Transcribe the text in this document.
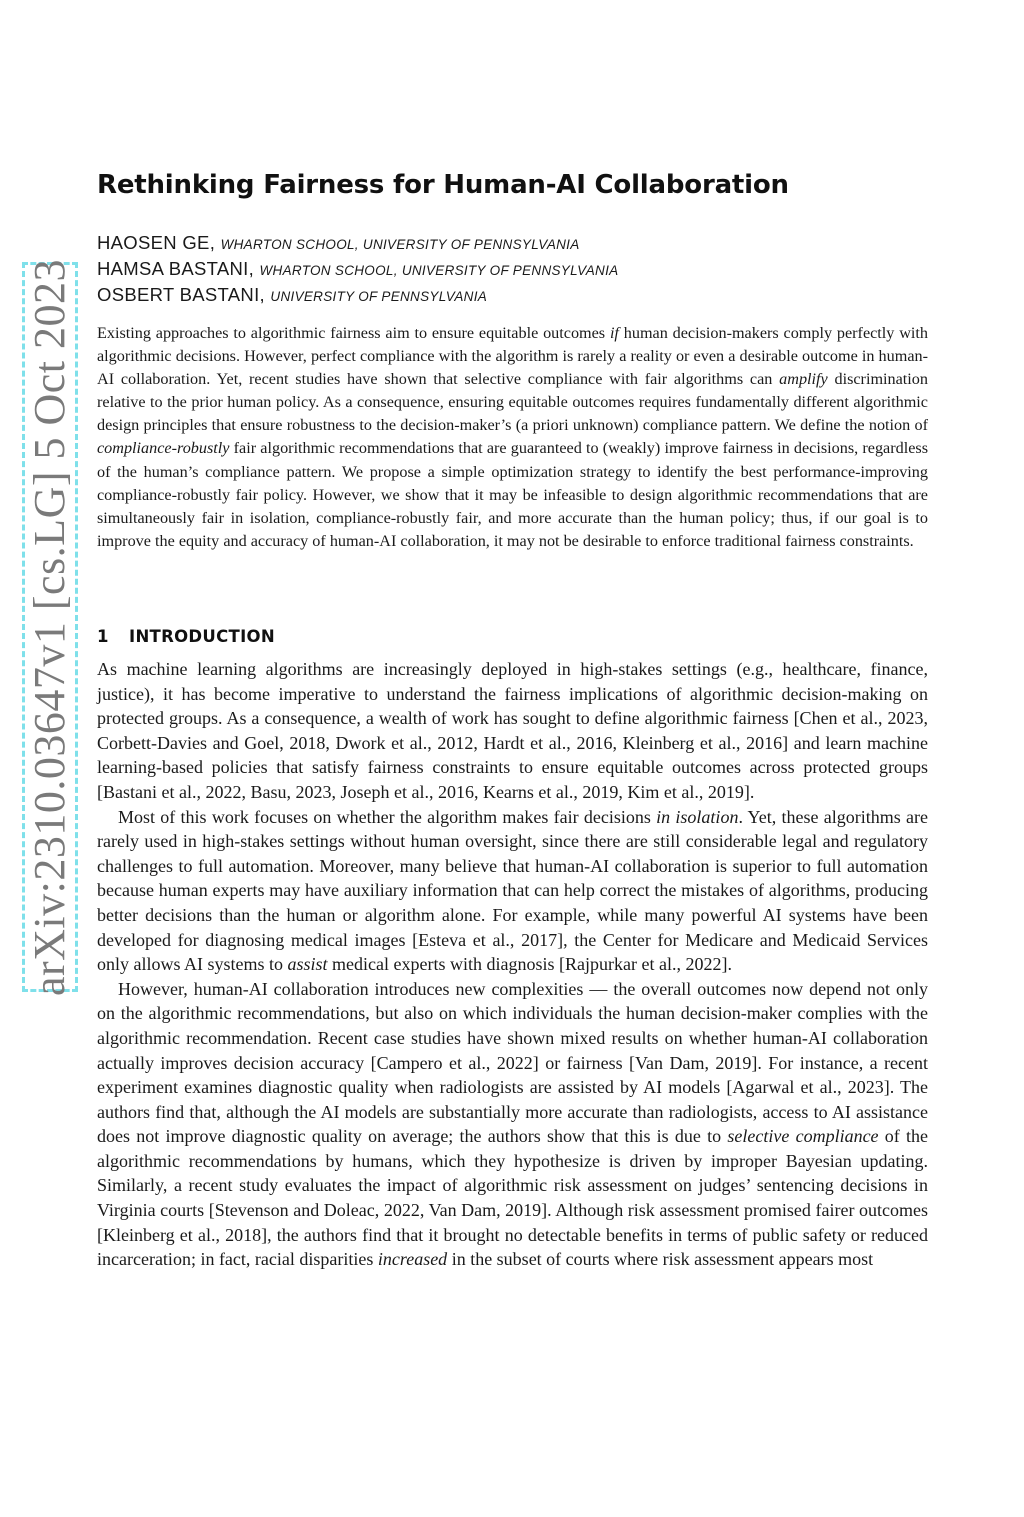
arXiv:2310.03647v1 [cs.LG] 5 Oct 2023
Rethinking Fairness for Human-AI Collaboration
HAOSEN GE, WHARTON SCHOOL, UNIVERSITY OF PENNSYLVANIA
HAMSA BASTANI, WHARTON SCHOOL, UNIVERSITY OF PENNSYLVANIA
OSBERT BASTANI, UNIVERSITY OF PENNSYLVANIA

Existing approaches to algorithmic fairness aim to ensure equitable outcomes if human decision-makers comply perfectly with algorithmic decisions. However, perfect compliance with the algorithm is rarely a reality or even a desirable outcome in human-AI collaboration. Yet, recent studies have shown that selective compliance with fair algorithms can amplify discrimination relative to the prior human policy. As a consequence, ensuring equitable outcomes requires fundamentally different algorithmic design principles that ensure robustness to the decision-maker’s (a priori unknown) compliance pattern. We define the notion of compliance-robustly fair algorithmic recommendations that are guaranteed to (weakly) improve fairness in decisions, regardless of the human’s compliance pattern. We propose a simple optimization strategy to identify the best performance-improving compliance-robustly fair policy. However, we show that it may be infeasible to design algorithmic recommendations that are simultaneously fair in isolation, compliance-robustly fair, and more accurate than the human policy; thus, if our goal is to improve the equity and accuracy of human-AI collaboration, it may not be desirable to enforce traditional fairness constraints.

1 INTRODUCTION

As machine learning algorithms are increasingly deployed in high-stakes settings (e.g., healthcare, finance, justice), it has become imperative to understand the fairness implications of algorithmic decision-making on protected groups. As a consequence, a wealth of work has sought to define algorithmic fairness [Chen et al., 2023, Corbett-Davies and Goel, 2018, Dwork et al., 2012, Hardt et al., 2016, Kleinberg et al., 2016] and learn machine learning-based policies that satisfy fairness constraints to ensure equitable outcomes across protected groups [Bastani et al., 2022, Basu, 2023, Joseph et al., 2016, Kearns et al., 2019, Kim et al., 2019].

Most of this work focuses on whether the algorithm makes fair decisions in isolation. Yet, these algorithms are rarely used in high-stakes settings without human oversight, since there are still considerable legal and regulatory challenges to full automation. Moreover, many believe that human-AI collaboration is superior to full automation because human experts may have auxiliary information that can help correct the mistakes of algorithms, producing better decisions than the human or algorithm alone. For example, while many powerful AI systems have been developed for diagnosing medical images [Esteva et al., 2017], the Center for Medicare and Medicaid Services only allows AI systems to assist medical experts with diagnosis [Rajpurkar et al., 2022].

However, human-AI collaboration introduces new complexities — the overall outcomes now depend not only on the algorithmic recommendations, but also on which individuals the human decision-maker complies with the algorithmic recommendation. Recent case studies have shown mixed results on whether human-AI collaboration actually improves decision accuracy [Campero et al., 2022] or fairness [Van Dam, 2019]. For instance, a recent experiment examines diagnostic quality when radiologists are assisted by AI models [Agarwal et al., 2023]. The authors find that, although the AI models are substantially more accurate than radiologists, access to AI assistance does not improve diagnostic quality on average; the authors show that this is due to selective compliance of the algorithmic recommendations by humans, which they hypothesize is driven by improper Bayesian updating. Similarly, a recent study evaluates the impact of algorithmic risk assessment on judges’ sentencing decisions in Virginia courts [Stevenson and Doleac, 2022, Van Dam, 2019]. Although risk assessment promised fairer outcomes [Kleinberg et al., 2018], the authors find that it brought no detectable benefits in terms of public safety or reduced incarceration; in fact, racial disparities increased in the subset of courts where risk assessment appears most
